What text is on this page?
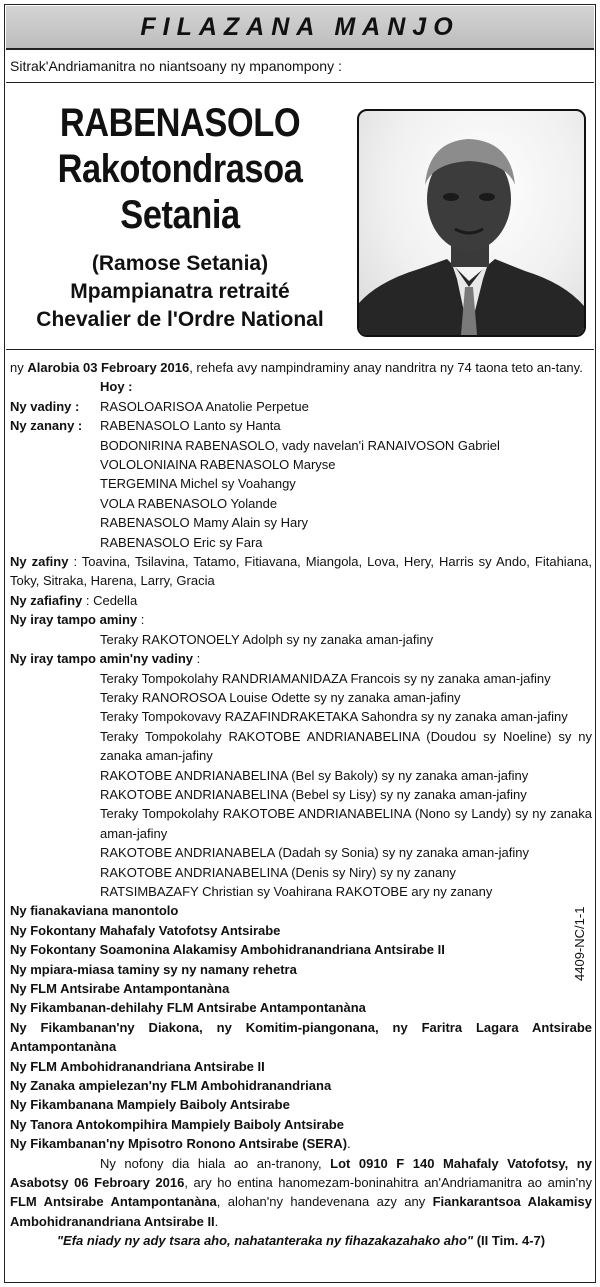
FILAZANA MANJO
Sitrak'Andriamanitra no niantsoany ny mpanompony :
RABENASOLO
Rakotondrasoa
Setania
(Ramose Setania)
Mpampianatra retraité
Chevalier de l'Ordre National

ny Alarobia 03 Febroary 2016, rehefa avy nampindraminy anay nandritra ny 74 taona teto an-tany.

Hoy :

Ny vadiny :	RASOLOARISOA Anatolie Perpetue
Ny zanany :	RABENASOLO Lanto sy Hanta

BODONIRINA RABENASOLO, vady navelan'i RANAIVOSON Gabriel

VOLOLONIAINA RABENASOLO Maryse

TERGEMINA Michel sy Voahangy

VOLA RABENASOLO Yolande

RABENASOLO Mamy Alain sy Hary

RABENASOLO Eric sy Fara

Ny zafiny : Toavina, Tsilavina, Tatamo, Fitiavana, Miangola, Lova, Hery, Harris sy Ando, Fitahiana, Toky, Sitraka, Harena, Larry, Gracia

Ny zafiafiny : Cedella

Ny iray tampo aminy :

Teraky RAKOTONOELY Adolph sy ny zanaka aman-jafiny

Ny iray tampo amin'ny vadiny :

Teraky Tompokolahy RANDRIAMANIDAZA Francois sy ny zanaka aman-jafiny

Teraky RANOROSOA Louise Odette sy ny zanaka aman-jafiny

Teraky Tompokovavy RAZAFINDRAKETAKA Sahondra sy ny zanaka aman-jafiny

Teraky Tompokolahy RAKOTOBE ANDRIANABELINA (Doudou sy Noeline) sy ny zanaka aman-jafiny

RAKOTOBE ANDRIANABELINA (Bel sy Bakoly) sy ny zanaka aman-jafiny

RAKOTOBE ANDRIANABELINA (Bebel sy Lisy) sy ny zanaka aman-jafiny

Teraky Tompokolahy RAKOTOBE ANDRIANABELINA (Nono sy Landy) sy ny zanaka aman-jafiny

RAKOTOBE ANDRIANABELA (Dadah sy Sonia) sy ny zanaka aman-jafiny

RAKOTOBE ANDRIANABELINA (Denis sy Niry) sy ny zanany

RATSIMBAZAFY Christian sy Voahirana RAKOTOBE ary ny zanany

Ny fianakaviana manontolo

Ny Fokontany Mahafaly Vatofotsy Antsirabe

Ny Fokontany Soamonina Alakamisy Ambohidranandriana Antsirabe II

Ny mpiara-miasa taminy sy ny namany rehetra

Ny FLM Antsirabe Antampontanàna

Ny Fikambanan-dehilahy FLM Antsirabe Antampontanàna

Ny Fikambanan'ny Diakona, ny Komitim-piangonana, ny Faritra Lagara Antsirabe Antampontanàna

Ny FLM Ambohidranandriana Antsirabe II

Ny Zanaka ampielezan'ny FLM Ambohidranandriana

Ny Fikambanana Mampiely Baiboly Antsirabe

Ny Tanora Antokompihira Mampiely Baiboly Antsirabe

Ny Fikambanan'ny Mpisotro Ronono Antsirabe (SERA).

Ny nofony dia hiala ao an-tranony, Lot 0910 F 140 Mahafaly Vatofotsy, ny Asabotsy 06 Febroary 2016, ary ho entina hanomezam-boninahitra an'Andriamanitra ao amin'ny FLM Antsirabe Antampontanàna, alohan'ny handevenana azy any Fiankarantsoa Alakamisy Ambohidranandriana Antsirabe II.

"Efa niady ny ady tsara aho, nahatanteraka ny fihazakazahako aho" (II Tim. 4-7)

4409-NC/1-1
